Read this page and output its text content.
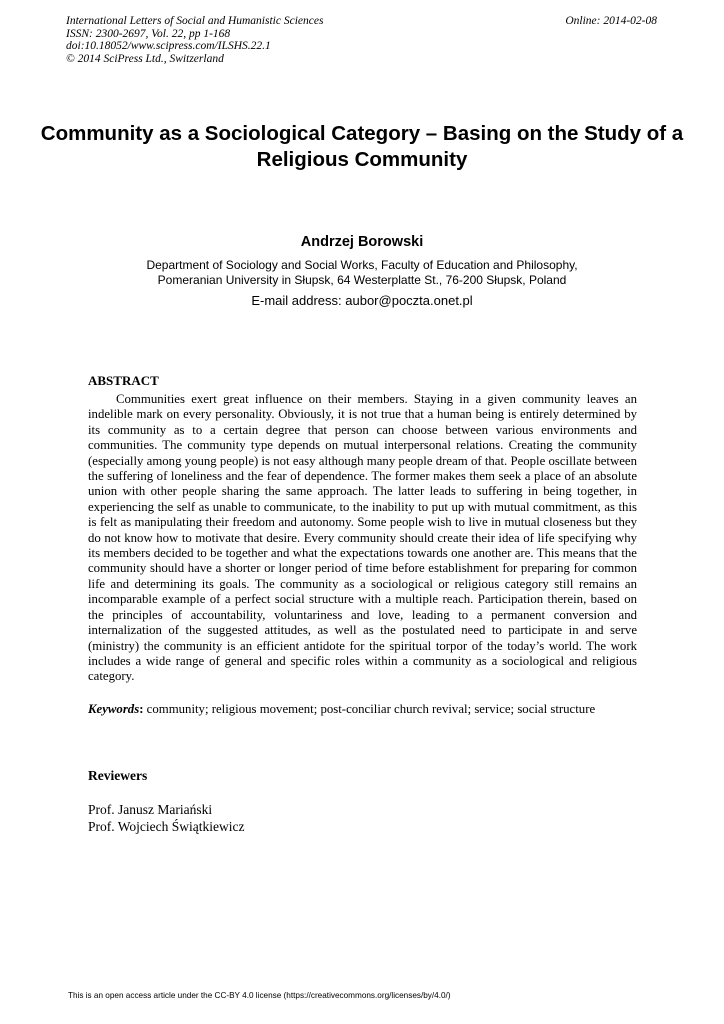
International Letters of Social and Humanistic Sciences
ISSN: 2300-2697, Vol. 22, pp 1-168
doi:10.18052/www.scipress.com/ILSHS.22.1
© 2014 SciPress Ltd., Switzerland
Online: 2014-02-08
Community as a Sociological Category – Basing on the Study of a Religious Community
Andrzej Borowski
Department of Sociology and Social Works, Faculty of Education and Philosophy,
Pomeranian University in Słupsk, 64 Westerplatte St., 76-200 Słupsk, Poland
E-mail address: aubor@poczta.onet.pl
ABSTRACT

Communities exert great influence on their members. Staying in a given community leaves an indelible mark on every personality. Obviously, it is not true that a human being is entirely determined by its community as to a certain degree that person can choose between various environments and communities. The community type depends on mutual interpersonal relations. Creating the community (especially among young people) is not easy although many people dream of that. People oscillate between the suffering of loneliness and the fear of dependence. The former makes them seek a place of an absolute union with other people sharing the same approach. The latter leads to suffering in being together, in experiencing the self as unable to communicate, to the inability to put up with mutual commitment, as this is felt as manipulating their freedom and autonomy. Some people wish to live in mutual closeness but they do not know how to motivate that desire. Every community should create their idea of life specifying why its members decided to be together and what the expectations towards one another are. This means that the community should have a shorter or longer period of time before establishment for preparing for common life and determining its goals. The community as a sociological or religious category still remains an incomparable example of a perfect social structure with a multiple reach. Participation therein, based on the principles of accountability, voluntariness and love, leading to a permanent conversion and internalization of the suggested attitudes, as well as the postulated need to participate in and serve (ministry) the community is an efficient antidote for the spiritual torpor of the today’s world. The work includes a wide range of general and specific roles within a community as a sociological and religious category.

Keywords: community; religious movement; post-conciliar church revival; service; social structure
Reviewers
Prof. Janusz Mariański
Prof. Wojciech Świątkiewicz
This is an open access article under the CC-BY 4.0 license (https://creativecommons.org/licenses/by/4.0/)
